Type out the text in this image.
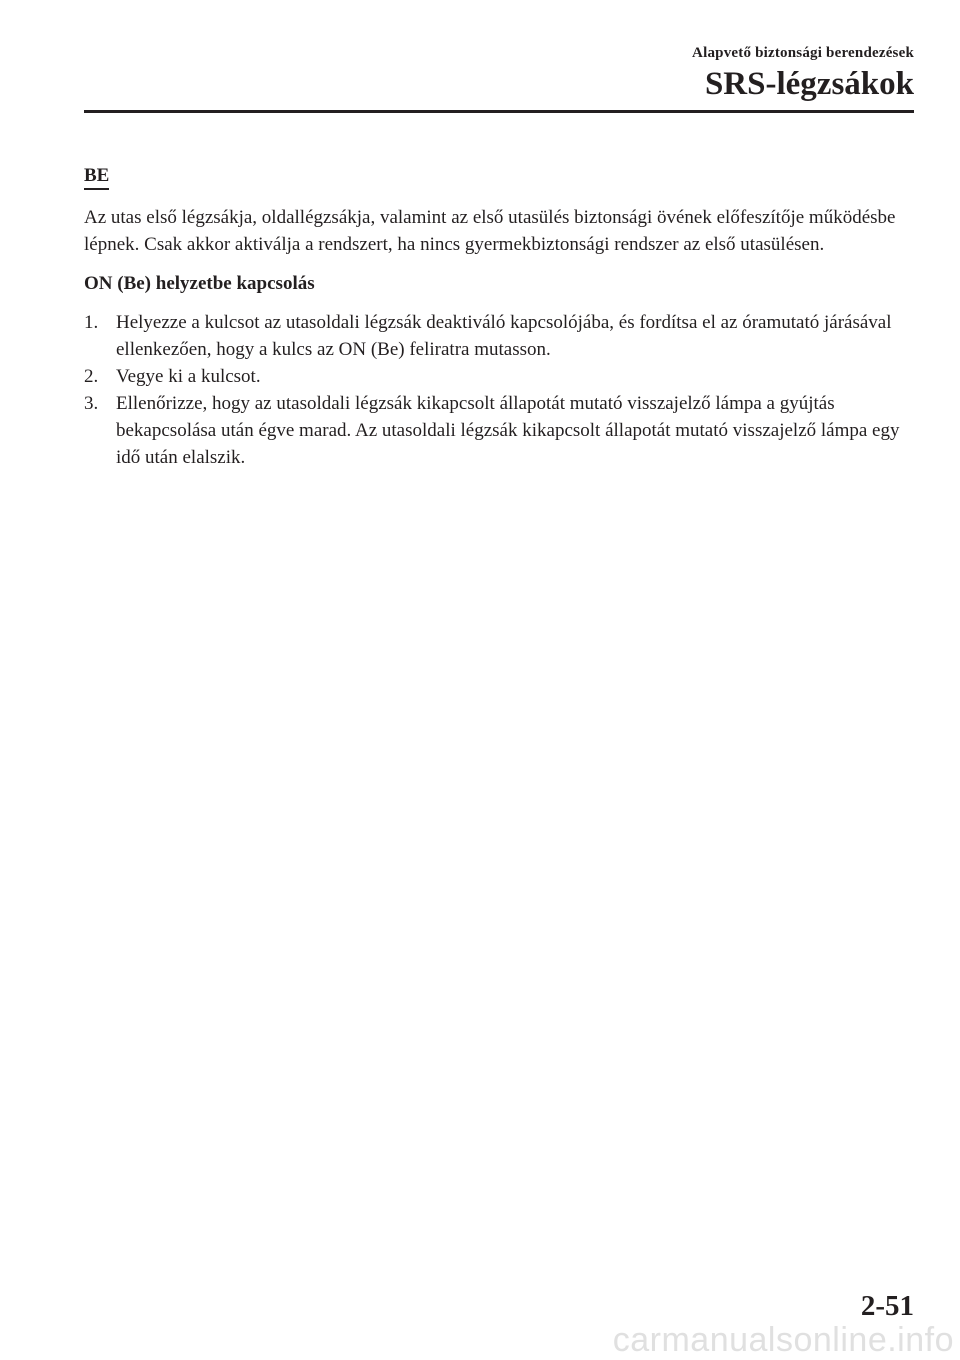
Alapvető biztonsági berendezések
SRS-légzsákok
BE

Az utas első légzsákja, oldallégzsákja, valamint az első utasülés biztonsági övének előfeszítője működésbe lépnek. Csak akkor aktiválja a rendszert, ha nincs gyermekbiztonsági rendszer az első utasülésen.

ON (Be) helyzetbe kapcsolás

1. Helyezze a kulcsot az utasoldali légzsák deaktiváló kapcsolójába, és fordítsa el az óramutató járásával ellenkezően, hogy a kulcs az ON (Be) feliratra mutasson.
2. Vegye ki a kulcsot.
3. Ellenőrizze, hogy az utasoldali légzsák kikapcsolt állapotát mutató visszajelző lámpa a gyújtás bekapcsolása után égve marad. Az utasoldali légzsák kikapcsolt állapotát mutató visszajelző lámpa egy idő után elalszik.
2-51
carmanualsonline.info
